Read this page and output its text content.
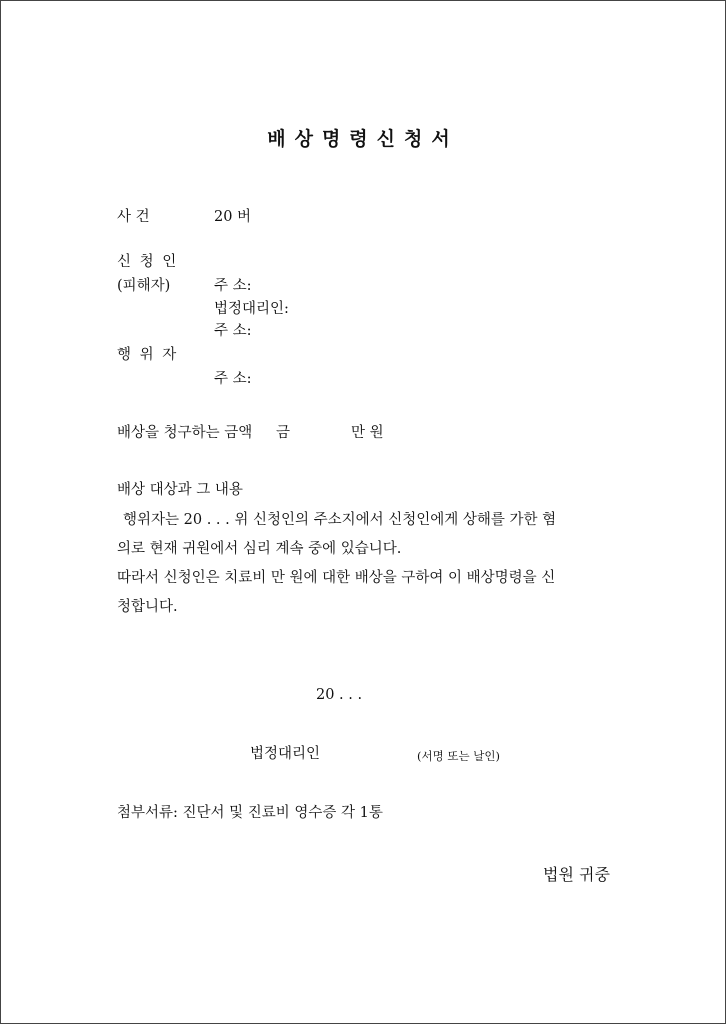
배상명령신청서
사 건	20 버
신 청 인
(피해자)	주 소:
법정대리인:
주 소:
행 위 자
주 소:
배상을 청구하는 금액 금	만 원
배상 대상과 그 내용
행위자는 20 . . . 위 신청인의 주소지에서 신청인에게 상해를 가한 혐
의로 현재 귀원에서 심리 계속 중에 있습니다.
따라서 신청인은 치료비 만 원에 대한 배상을 구하여 이 배상명령을 신
청합니다.
20 . . .
법정대리인	(서명 또는 날인)
첨부서류: 진단서 및 진료비 영수증 각 1통
법원 귀중
